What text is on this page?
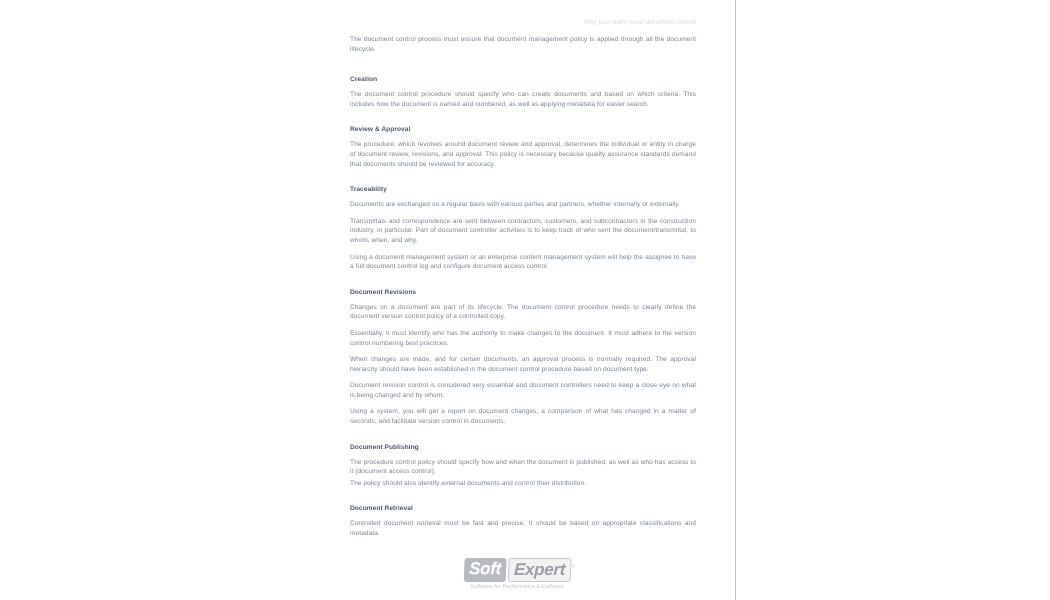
Why you really need document control

The document control process must ensure that document management policy is applied through all the document lifecycle.

Creation

The document control procedure should specify who can create documents and based on which criteria. This includes how the document is named and numbered, as well as applying metadata for easier search.

Review & Approval

The procedure, which revolves around document review and approval, determines the individual or entity in charge of document review, revisions, and approval. This policy is necessary because quality assurance standards demand that documents should be reviewed for accuracy.

Traceability

Documents are exchanged on a regular basis with various parties and partners, whether internally or externally.

Transmittals and correspondence are sent between contractors, customers, and subcontractors in the construction industry, in particular. Part of document controller activities is to keep track of who sent the document/transmittal, to whom, when, and why.

Using a document management system or an enterprise content management system will help the assignee to have a full document control log and configure document access control.

Document Revisions

Changes on a document are part of its lifecycle. The document control procedure needs to clearly define the document version control policy of a controlled copy.

Essentially, it must identify who has the authority to make changes to the document. It must adhere to the version control numbering best practices.

When changes are made, and for certain documents, an approval process is normally required. The approval hierarchy should have been established in the document control procedure based on document type.

Document revision control is considered very essential and document controllers need to keep a close eye on what is being changed and by whom.

Using a system, you will get a report on document changes, a comparison of what has changed in a matter of seconds, and facilitate version control in documents.

Document Publishing

The procedure control policy should specify how and when the document is published, as well as who has access to it (document access control).

The policy should also identify external documents and control their distribution.

Document Retrieval

Controlled document retrieval must be fast and precise. It should be based on appropriate classifications and metadata.

Soft Expert ®
Software for Performance Excellence
